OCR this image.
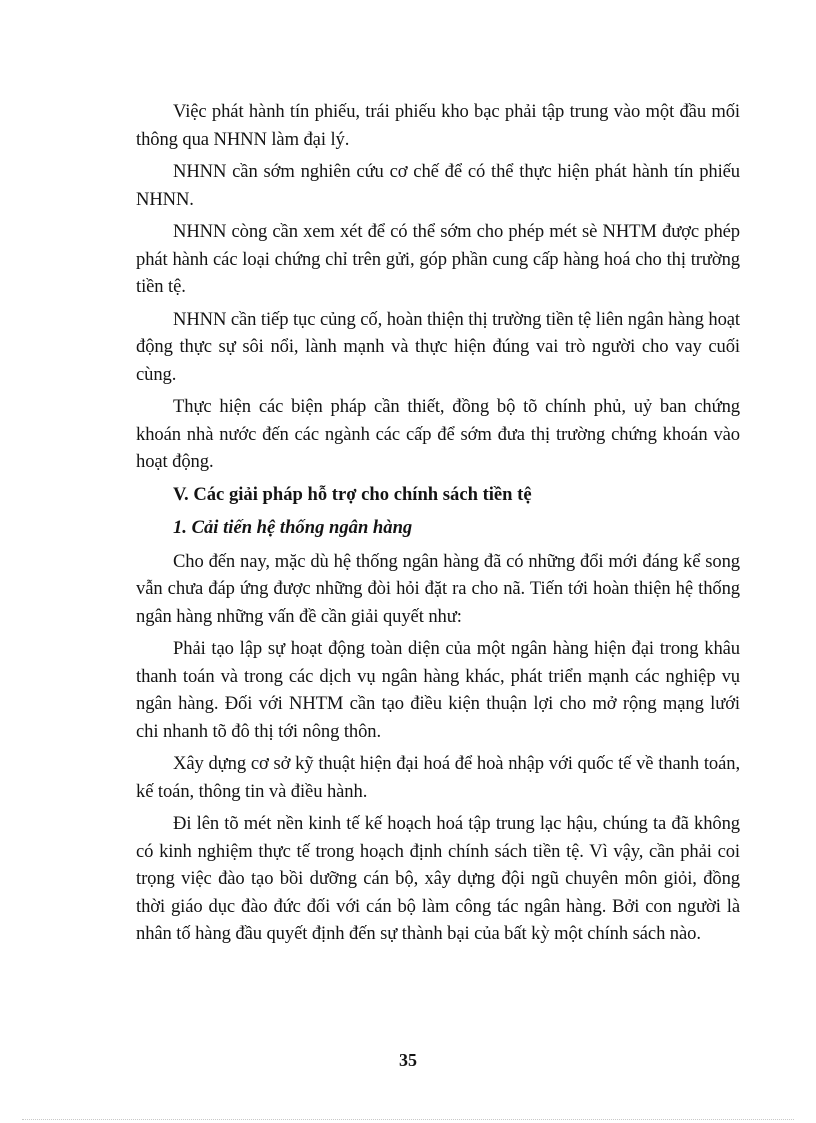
Việc phát hành tín phiếu, trái phiếu kho bạc phải tập trung vào một đầu mối thông qua NHNN làm đại lý.

NHNN cần sớm nghiên cứu cơ chế để có thể thực hiện phát hành tín phiếu NHNN.

NHNN còng cần xem xét để có thể sớm cho phép mét sè NHTM được phép phát hành các loại chứng chỉ trên gửi, góp phần cung cấp hàng hoá cho thị trường tiền tệ.

NHNN cần tiếp tục củng cố, hoàn thiện thị trường tiền tệ liên ngân hàng hoạt động thực sự sôi nổi, lành mạnh và thực hiện đúng vai trò người cho vay cuối cùng.

Thực hiện các biện pháp cần thiết, đồng bộ tõ chính phủ, uỷ ban chứng khoán nhà nước đến các ngành các cấp để sớm đưa thị trường chứng khoán vào hoạt động.

V. Các giải pháp hỗ trợ cho chính sách tiền tệ

1. Cải tiến hệ thống ngân hàng

Cho đến nay, mặc dù hệ thống ngân hàng đã có những đổi mới đáng kể song vẫn chưa đáp ứng được những đòi hỏi đặt ra cho nã. Tiến tới hoàn thiện hệ thống ngân hàng những vấn đề cần giải quyết như:

Phải tạo lập sự hoạt động toàn diện của một ngân hàng hiện đại trong khâu thanh toán và trong các dịch vụ ngân hàng khác, phát triển mạnh các nghiệp vụ ngân hàng. Đối với NHTM cần tạo điều kiện thuận lợi cho mở rộng mạng lưới chi nhanh tõ đô thị tới nông thôn.

Xây dựng cơ sở kỹ thuật hiện đại hoá để hoà nhập với quốc tế về thanh toán, kế toán, thông tin và điều hành.

Đi lên tõ mét nền kinh tế kế hoạch hoá tập trung lạc hậu, chúng ta đã không có kinh nghiệm thực tế trong hoạch định chính sách tiền tệ. Vì vậy, cần phải coi trọng việc đào tạo bồi dưỡng cán bộ, xây dựng đội ngũ chuyên môn giỏi, đồng thời giáo dục đào đức đối với cán bộ làm công tác ngân hàng. Bởi con người là nhân tố hàng đầu quyết định đến sự thành bại của bất kỳ một chính sách nào.

35
